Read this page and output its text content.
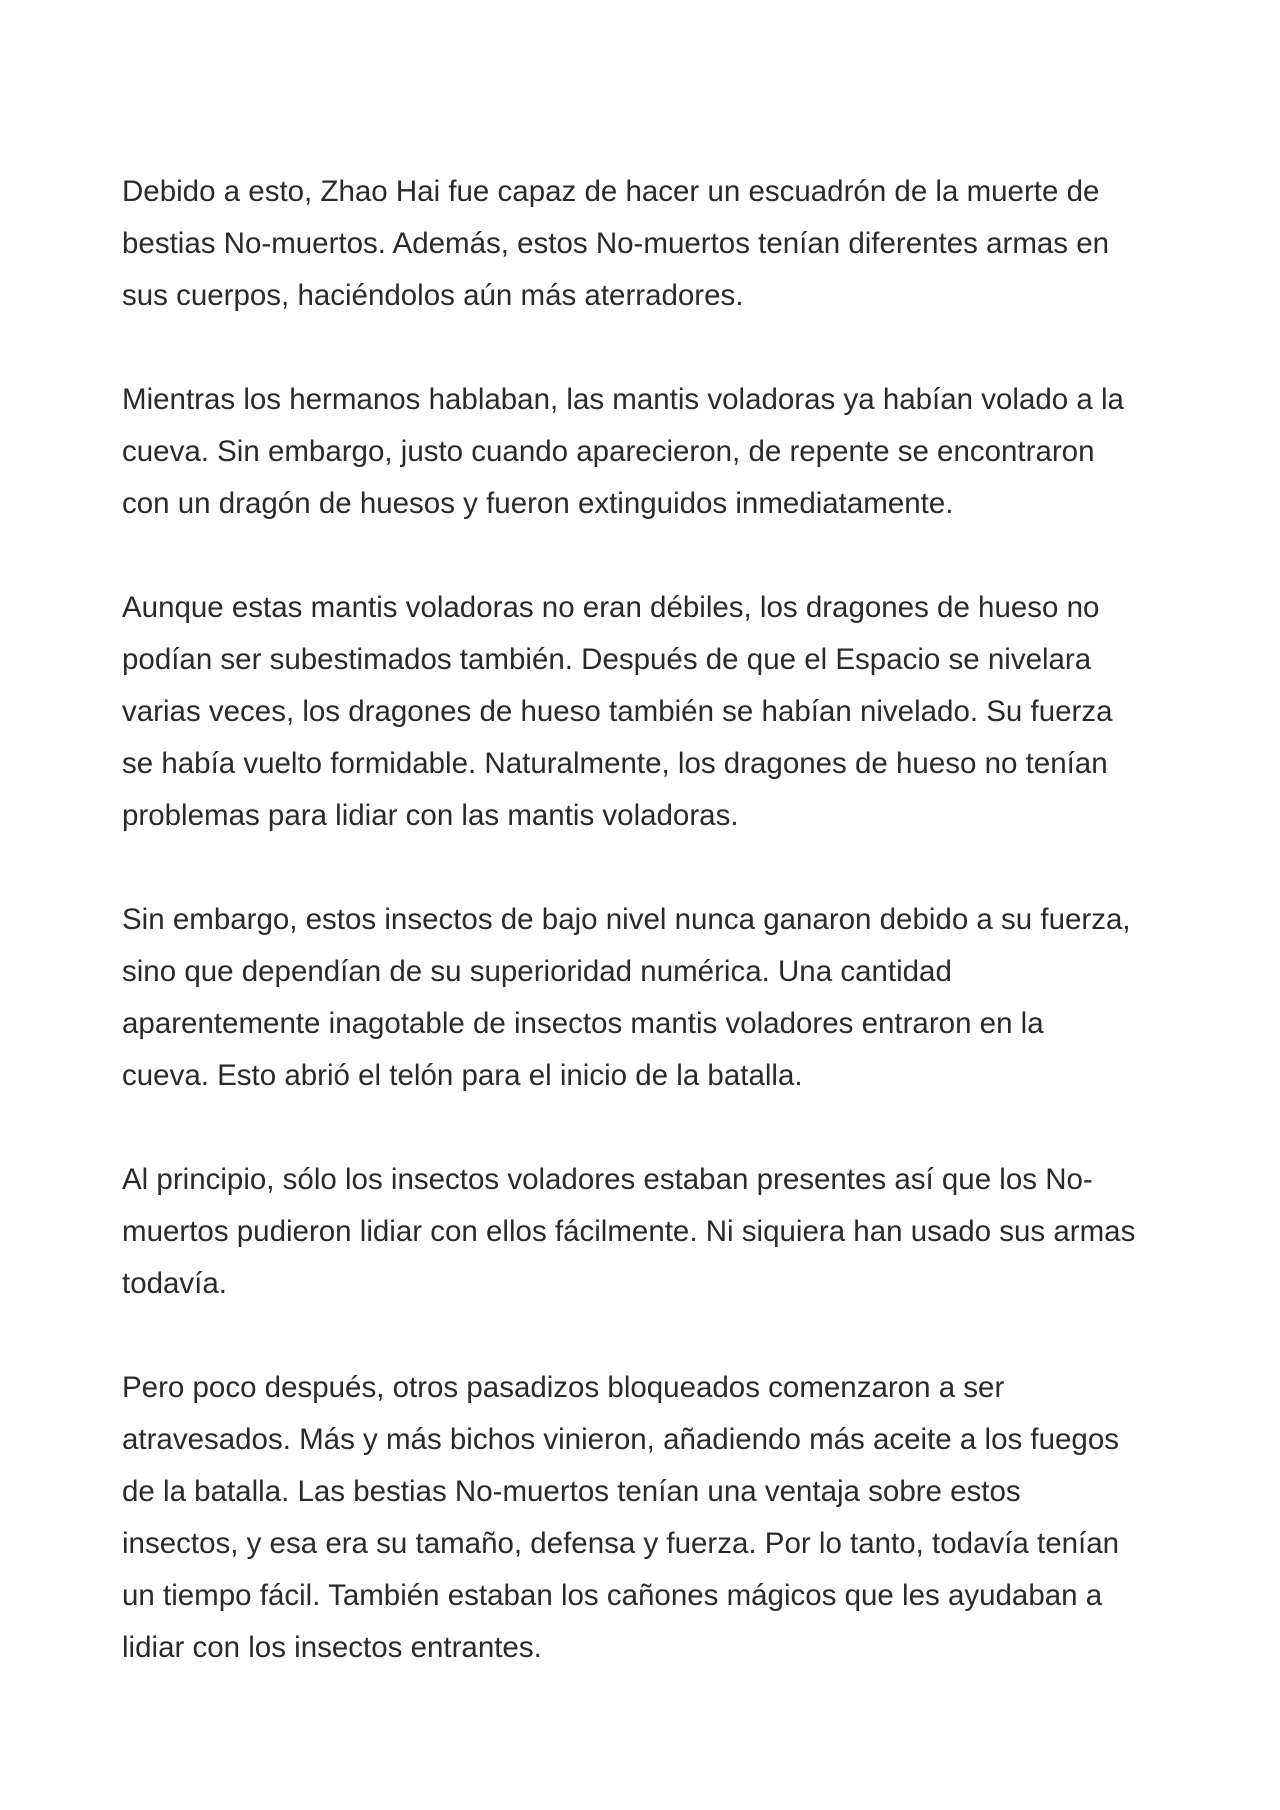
Debido a esto, Zhao Hai fue capaz de hacer un escuadrón de la muerte de
bestias No-muertos. Además, estos No-muertos tenían diferentes armas en
sus cuerpos, haciéndolos aún más aterradores.

Mientras los hermanos hablaban, las mantis voladoras ya habían volado a la
cueva. Sin embargo, justo cuando aparecieron, de repente se encontraron
con un dragón de huesos y fueron extinguidos inmediatamente.

Aunque estas mantis voladoras no eran débiles, los dragones de hueso no
podían ser subestimados también. Después de que el Espacio se nivelara
varias veces, los dragones de hueso también se habían nivelado. Su fuerza
se había vuelto formidable. Naturalmente, los dragones de hueso no tenían
problemas para lidiar con las mantis voladoras.

Sin embargo, estos insectos de bajo nivel nunca ganaron debido a su fuerza,
sino que dependían de su superioridad numérica. Una cantidad
aparentemente inagotable de insectos mantis voladores entraron en la
cueva. Esto abrió el telón para el inicio de la batalla.

Al principio, sólo los insectos voladores estaban presentes así que los No-
muertos pudieron lidiar con ellos fácilmente. Ni siquiera han usado sus armas
todavía.

Pero poco después, otros pasadizos bloqueados comenzaron a ser
atravesados. Más y más bichos vinieron, añadiendo más aceite a los fuegos
de la batalla. Las bestias No-muertos tenían una ventaja sobre estos
insectos, y esa era su tamaño, defensa y fuerza. Por lo tanto, todavía tenían
un tiempo fácil. También estaban los cañones mágicos que les ayudaban a
lidiar con los insectos entrantes.
